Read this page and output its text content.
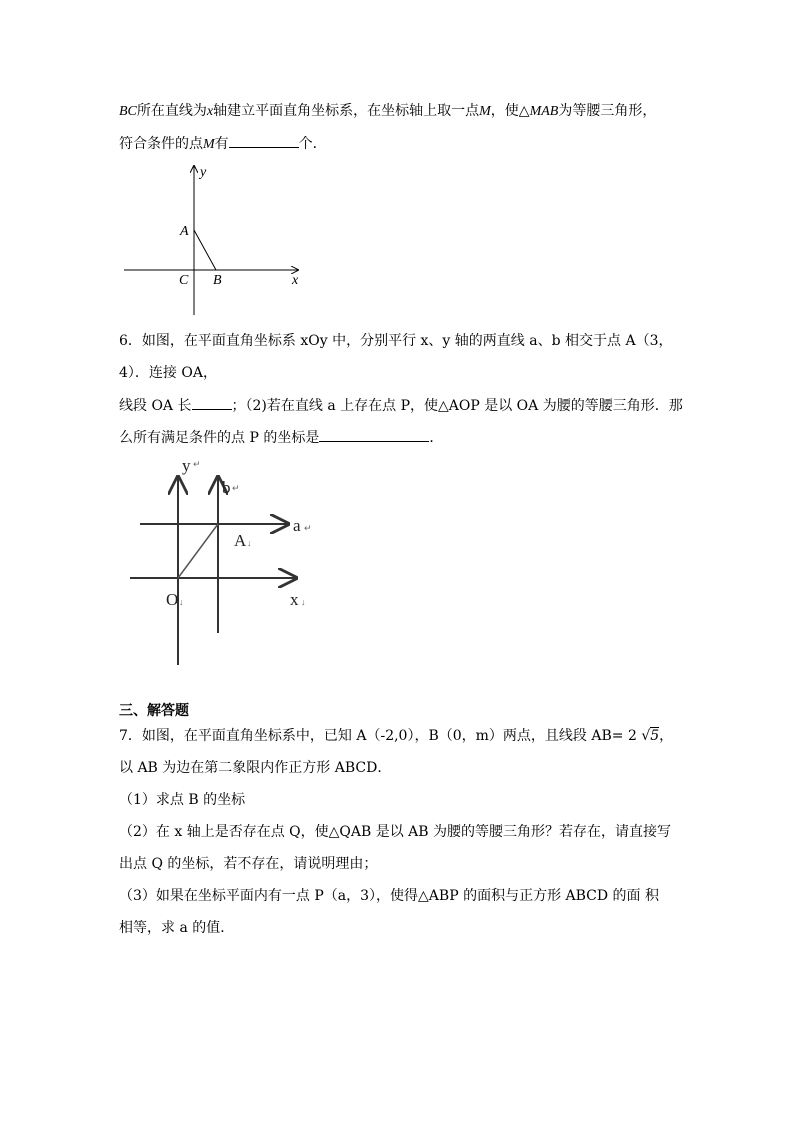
BC所在直线为x轴建立平面直角坐标系，在坐标轴上取一点M，使△MAB为等腰三角形，
符合条件的点M有	个．
y
x
A
C B
6．如图，在平面直角坐标系 xOy 中，分别平行 x、y 轴的两直线 a、b 相交于点 A（3，
4）．连接 OA，
线段 OA 长	；（2)若在直线 a 上存在点 P，使△AOP 是以 OA 为腰的等腰三角形．那
么所有满足条件的点 P 的坐标是	．
y ↵
b ↵
a ↵
A ↓
O ↓	x ↓
三、解答题
7．如图，在平面直角坐标系中，已知 A（-2,0），B（0，m）两点，且线段 AB= 2 √5，
以 AB 为边在第二象限内作正方形 ABCD．
（1）求点 B 的坐标
（2）在 x 轴上是否存在点 Q，使△QAB 是以 AB 为腰的等腰三角形？若存在，请直接写
出点 Q 的坐标，若不存在，请说明理由；
（3）如果在坐标平面内有一点 P（a，3），使得△ABP 的面积与正方形 ABCD 的面 积
相等，求 a 的值．
